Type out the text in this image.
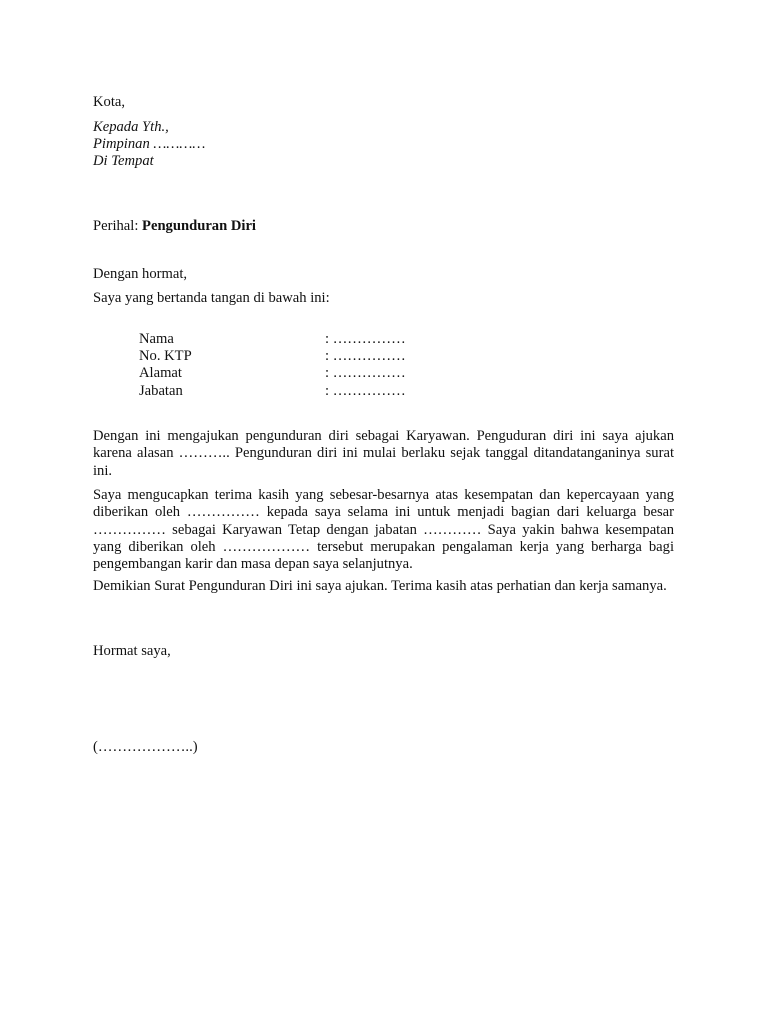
Kota,
Kepada Yth.,
Pimpinan …………
Di Tempat
Perihal: Pengunduran Diri
Dengan hormat,
Saya yang bertanda tangan di bawah ini:
Nama	: ……………
No. KTP	: ……………
Alamat	: ……………
Jabatan	: ……………

Dengan ini mengajukan pengunduran diri sebagai Karyawan. Penguduran diri ini saya ajukan karena alasan ……….. Pengunduran diri ini mulai berlaku sejak tanggal ditandatanganinya surat ini.

Saya mengucapkan terima kasih yang sebesar-besarnya atas kesempatan dan kepercayaan yang diberikan oleh …………… kepada saya selama ini untuk menjadi bagian dari keluarga besar …………… sebagai Karyawan Tetap dengan jabatan ………… Saya yakin bahwa kesempatan yang diberikan oleh ……………… tersebut merupakan pengalaman kerja yang berharga bagi pengembangan karir dan masa depan saya selanjutnya.

Demikian Surat Pengunduran Diri ini saya ajukan. Terima kasih atas perhatian dan kerja samanya.

Hormat saya,
(………………..)
